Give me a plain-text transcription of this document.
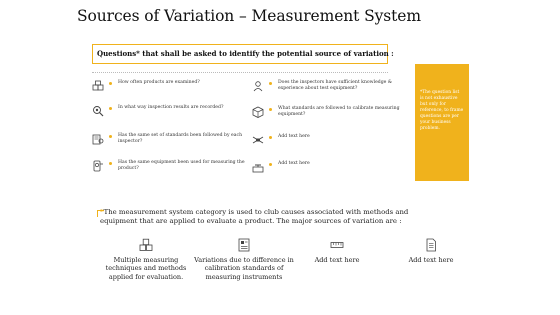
Sources of Variation – Measurement System
Questions* that shall be asked to identify the potential source of variation :
How often products are examined?
In what way inspection results are recorded?
Has the same set of standards been followed by each inspector?
Has the same equipment been used for measuring the product?
Does the inspectors have sufficient knowledge & experience about test equipment?
What standards are followed to calibrate measuring equipment?
Add text here
Add text here
*The question list is not exhaustive but only for reference, to frame questions are per your business problem.
*The measurement system category is used to club causes associated with methods and equipment that are applied to evaluate a product. The major sources of variation are :
Multiple measuring techniques and methods applied for evaluation.
Variations due to difference in calibration standards of measuring instruments
Add text here	Add text here
